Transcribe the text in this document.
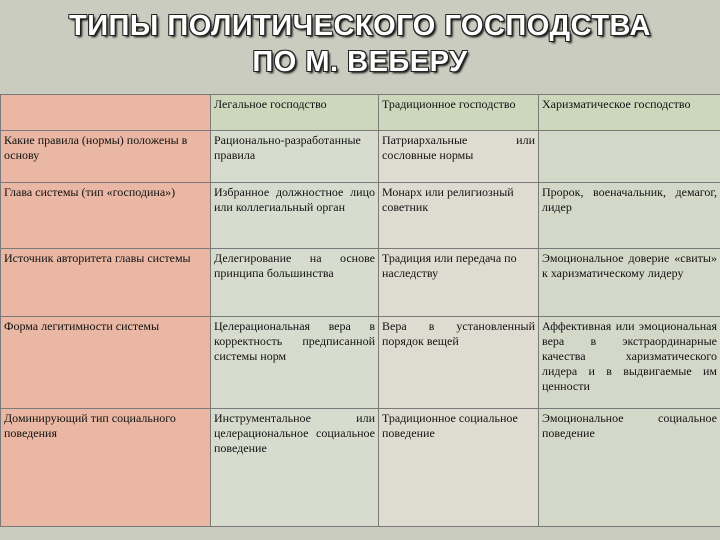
ТИПЫ ПОЛИТИЧЕСКОГО ГОСПОДСТВА
ПО М. ВЕБЕРУ
	Легальное господство	Традиционное господство	Харизматическое господство
Какие правила (нормы) положены в основу	Рационально-разработанные правила	Патриархальные или сословные нормы	
Глава системы (тип «господина»)	Избранное должностное лицо или коллегиальный орган	Монарх или религиозный советник	Пророк, военачальник, демагог, лидер
Источник авторитета главы системы	Делегирование на основе принципа большинства	Традиция или передача по наследству	Эмоциональное доверие «свиты» к харизматическому лидеру
Форма легитимности системы	Целерациональная вера в корректность предписанной системы норм	Вера в установленный порядок вещей	Аффективная или эмоциональная вера в экстраординарные качества харизматического лидера и в выдвигаемые им ценности
Доминирующий тип социального поведения	Инструментальное или целерациональное социальное поведение	Традиционное социальное поведение	Эмоциональное социальное поведение
